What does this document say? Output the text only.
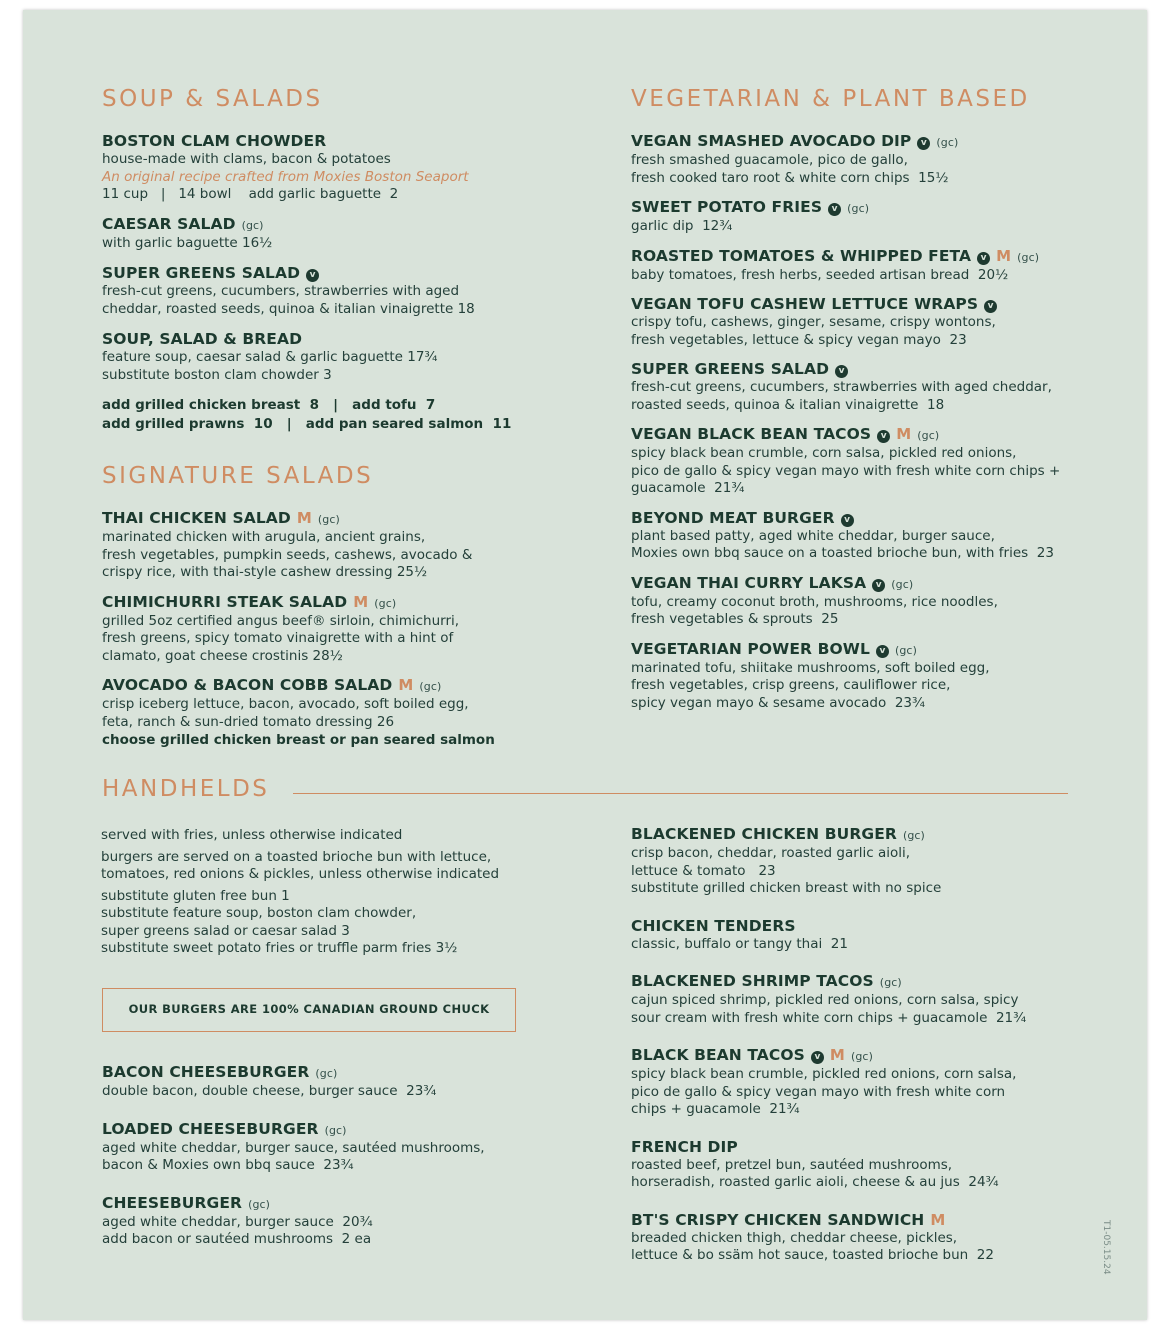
SOUP & SALADS
BOSTON CLAM CHOWDER
house-made with clams, bacon & potatoes
An original recipe crafted from Moxies Boston Seaport
11 cup   |   14 bowl    add garlic baguette  2
CAESAR SALAD (gc)
with garlic baguette 16½
SUPER GREENS SALAD v
fresh-cut greens, cucumbers, strawberries with aged
cheddar, roasted seeds, quinoa & italian vinaigrette 18
SOUP, SALAD & BREAD
feature soup, caesar salad & garlic baguette 17¾
substitute boston clam chowder 3
add grilled chicken breast  8   |   add tofu  7
add grilled prawns  10   |   add pan seared salmon  11
SIGNATURE SALADS
THAI CHICKEN SALAD M (gc)
marinated chicken with arugula, ancient grains,
fresh vegetables, pumpkin seeds, cashews, avocado &
crispy rice, with thai-style cashew dressing 25½
CHIMICHURRI STEAK SALAD M (gc)
grilled 5oz certified angus beef® sirloin, chimichurri,
fresh greens, spicy tomato vinaigrette with a hint of
clamato, goat cheese crostinis 28½
AVOCADO & BACON COBB SALAD M (gc)
crisp iceberg lettuce, bacon, avocado, soft boiled egg,
feta, ranch & sun-dried tomato dressing 26
choose grilled chicken breast or pan seared salmon
VEGETARIAN & PLANT BASED
VEGAN SMASHED AVOCADO DIP v (gc)
fresh smashed guacamole, pico de gallo,
fresh cooked taro root & white corn chips  15½
SWEET POTATO FRIES v (gc)
garlic dip  12¾
ROASTED TOMATOES & WHIPPED FETA v M (gc)
baby tomatoes, fresh herbs, seeded artisan bread  20½
VEGAN TOFU CASHEW LETTUCE WRAPS v
crispy tofu, cashews, ginger, sesame, crispy wontons,
fresh vegetables, lettuce & spicy vegan mayo  23
SUPER GREENS SALAD v
fresh-cut greens, cucumbers, strawberries with aged cheddar,
roasted seeds, quinoa & italian vinaigrette  18
VEGAN BLACK BEAN TACOS v M (gc)
spicy black bean crumble, corn salsa, pickled red onions,
pico de gallo & spicy vegan mayo with fresh white corn chips +
guacamole  21¾
BEYOND MEAT BURGER v
plant based patty, aged white cheddar, burger sauce,
Moxies own bbq sauce on a toasted brioche bun, with fries  23
VEGAN THAI CURRY LAKSA v (gc)
tofu, creamy coconut broth, mushrooms, rice noodles,
fresh vegetables & sprouts  25
VEGETARIAN POWER BOWL v (gc)
marinated tofu, shiitake mushrooms, soft boiled egg,
fresh vegetables, crisp greens, cauliflower rice,
spicy vegan mayo & sesame avocado  23¾
HANDHELDS
served with fries, unless otherwise indicated
burgers are served on a toasted brioche bun with lettuce,
tomatoes, red onions & pickles, unless otherwise indicated
substitute gluten free bun 1
substitute feature soup, boston clam chowder,
super greens salad or caesar salad 3
substitute sweet potato fries or truffle parm fries 3½
OUR BURGERS ARE 100% CANADIAN GROUND CHUCK
BACON CHEESEBURGER (gc)
double bacon, double cheese, burger sauce  23¾
LOADED CHEESEBURGER (gc)
aged white cheddar, burger sauce, sautéed mushrooms,
bacon & Moxies own bbq sauce  23¾
CHEESEBURGER (gc)
aged white cheddar, burger sauce  20¾
add bacon or sautéed mushrooms  2 ea
BLACKENED CHICKEN BURGER (gc)
crisp bacon, cheddar, roasted garlic aioli,
lettuce & tomato   23
substitute grilled chicken breast with no spice
CHICKEN TENDERS
classic, buffalo or tangy thai  21
BLACKENED SHRIMP TACOS (gc)
cajun spiced shrimp, pickled red onions, corn salsa, spicy
sour cream with fresh white corn chips + guacamole  21¾
BLACK BEAN TACOS v M (gc)
spicy black bean crumble, pickled red onions, corn salsa,
pico de gallo & spicy vegan mayo with fresh white corn
chips + guacamole  21¾
FRENCH DIP
roasted beef, pretzel bun, sautéed mushrooms,
horseradish, roasted garlic aioli, cheese & au jus  24¾
BT'S CRISPY CHICKEN SANDWICH M
breaded chicken thigh, cheddar cheese, pickles,
lettuce & bo ssäm hot sauce, toasted brioche bun  22	T1-05.15.24
